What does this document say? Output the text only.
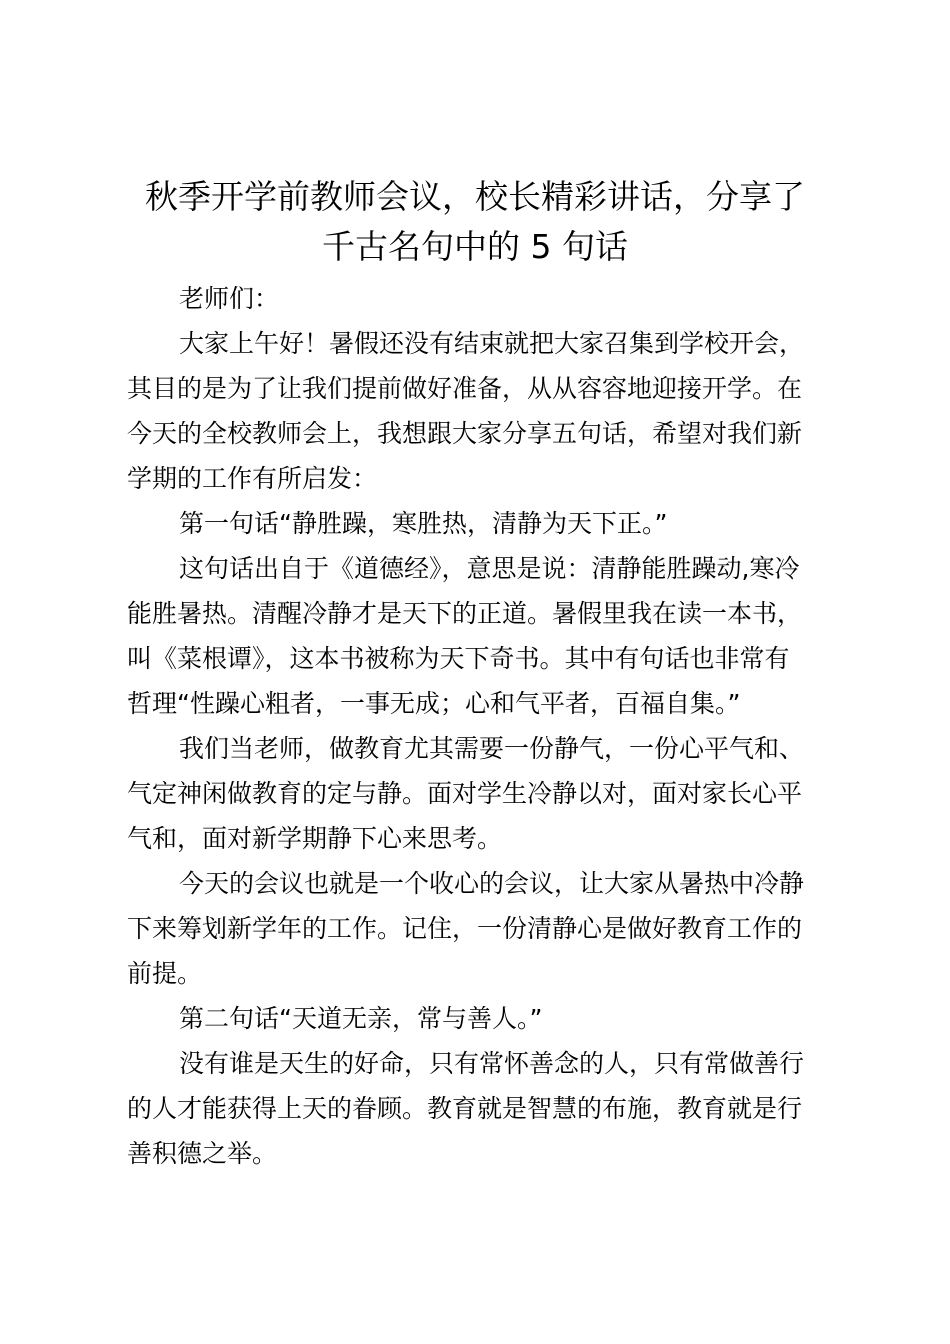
秋季开学前教师会议，校长精彩讲话，分享了
千古名句中的 5 句话
老师们：
大家上午好！暑假还没有结束就把大家召集到学校开会，
其目的是为了让我们提前做好准备，从从容容地迎接开学。在
今天的全校教师会上，我想跟大家分享五句话，希望对我们新
学期的工作有所启发：
第一句话“静胜躁，寒胜热，清静为天下正。”
这句话出自于《道德经》，意思是说：清静能胜躁动,寒冷
能胜暑热。清醒冷静才是天下的正道。暑假里我在读一本书，
叫《菜根谭》，这本书被称为天下奇书。其中有句话也非常有
哲理“性躁心粗者，一事无成；心和气平者，百福自集。”
我们当老师，做教育尤其需要一份静气，一份心平气和、
气定神闲做教育的定与静。面对学生冷静以对，面对家长心平
气和，面对新学期静下心来思考。
今天的会议也就是一个收心的会议，让大家从暑热中冷静
下来筹划新学年的工作。记住，一份清静心是做好教育工作的
前提。
第二句话“天道无亲，常与善人。”
没有谁是天生的好命，只有常怀善念的人，只有常做善行
的人才能获得上天的眷顾。教育就是智慧的布施，教育就是行
善积德之举。
